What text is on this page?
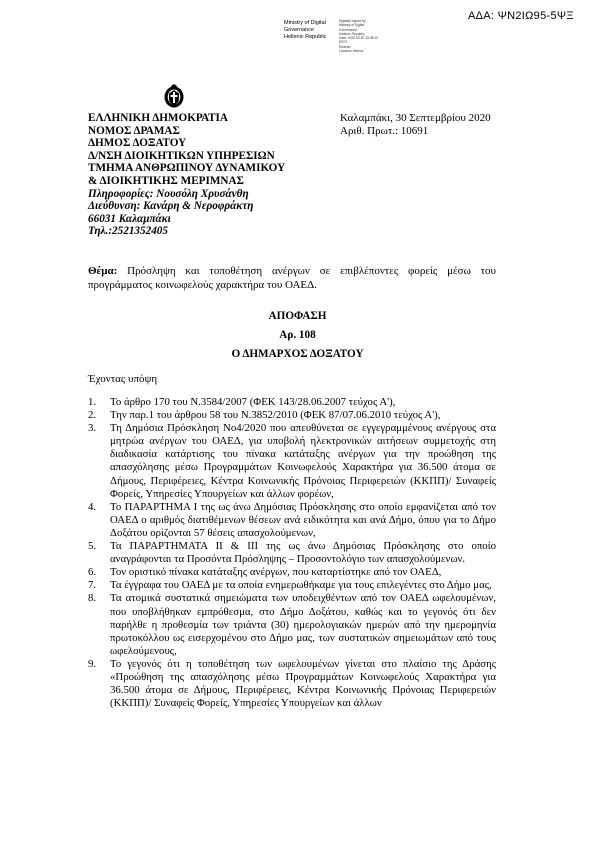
ΑΔΑ: ΨΝ2ΙΩ95-5ΨΞ
Ministry of Digital
Governance
Hellenic Republic
Digitally signed by
Ministry of Digital
Governance,
Hellenic Republic
Date: 2020.09.30 13:38:10
EEST
Reason:
Location: Athens
ΕΛΛΗΝΙΚΗ ΔΗΜΟΚΡΑΤΙΑ
ΝΟΜΟΣ ΔΡΑΜΑΣ
ΔΗΜΟΣ ΔΟΞΑΤΟΥ
Δ/ΝΣΗ ΔΙΟΙΚΗΤΙΚΩΝ ΥΠΗΡΕΣΙΩΝ
ΤΜΗΜΑ ΑΝΘΡΩΠΙΝΟΥ ΔΥΝΑΜΙΚΟΥ
& ΔΙΟΙΚΗΤΙΚΗΣ ΜΕΡΙΜΝΑΣ
Πληροφορίες: Νουσόλη Χρυσάνθη
Διεύθυνση: Κανάρη & Νεροφράκτη
66031 Καλαμπάκι
Τηλ.:2521352405
Καλαμπάκι, 30 Σεπτεμβρίου 2020
Αριθ. Πρωτ.: 10691
Θέμα: Πρόσληψη και τοποθέτηση ανέργων σε επιβλέποντες φορείς μέσω του προγράμματος κοινωφελούς χαρακτήρα του ΟΑΕΔ.
ΑΠΟΦΑΣΗ
Αρ. 108
Ο ΔΗΜΑΡΧΟΣ ΔΟΞΑΤΟΥ
Έχοντας υπόψη
1. Το άρθρο 170 του Ν.3584/2007 (ΦΕΚ 143/28.06.2007 τεύχος Α'),
2. Την παρ.1 του άρθρου 58 του Ν.3852/2010 (ΦΕΚ 87/07.06.2010 τεύχος Α'),
3. Τη Δημόσια Πρόσκληση Νο4/2020 που απευθύνεται σε εγγεγραμμένους ανέργους στα μητρώα ανέργων του ΟΑΕΔ, για υποβολή ηλεκτρονικών αιτήσεων συμμετοχής στη διαδικασία κατάρτισης του πίνακα κατάταξης ανέργων για την προώθηση της απασχόλησης μέσω Προγραμμάτων Κοινωφελούς Χαρακτήρα για 36.500 άτομα σε Δήμους, Περιφέρειες, Κέντρα Κοινωνικής Πρόνοιας Περιφερειών (ΚΚΠΠ)/ Συναφείς Φορείς, Υπηρεσίες Υπουργείων και άλλων φορέων,
4. Το ΠΑΡΑΡΤΗΜΑ Ι της ως άνω Δημόσιας Πρόσκλησης στο οποίο εμφανίζεται από τον ΟΑΕΔ ο αριθμός διατιθέμενων θέσεων ανά ειδικότητα και ανά Δήμο, όπου για το Δήμο Δοξάτου ορίζονται 57 θέσεις απασχολούμενων,
5. Τα ΠΑΡΑΡΤΗΜΑΤΑ ΙΙ & ΙΙΙ της ως άνω Δημόσιας Πρόσκλησης στο οποίο αναγράφονται τα Προσόντα Πρόσληψης – Προσοντολόγιο των απασχολούμενων.
6. Τον οριστικό πίνακα κατάταξης ανέργων, που καταρτίστηκε από τον ΟΑΕΔ,
7. Τα έγγραφα του ΟΑΕΔ με τα οποία ενημερωθήκαμε για τους επιλεγέντες στο Δήμο μας,
8. Τα ατομικά συστατικά σημειώματα των υποδειχθέντων από τον ΟΑΕΔ ωφελουμένων, που υποβλήθηκαν εμπρόθεσμα, στο Δήμο Δοξάτου, καθώς και το γεγονός ότι δεν παρήλθε η προθεσμία των τριάντα (30) ημερολογιακών ημερών από την ημερομηνία πρωτοκόλλου ως εισερχομένου στο Δήμο μας, των συστατικών σημειωμάτων από τους ωφελούμενους,
9. Το γεγονός ότι η τοποθέτηση των ωφελουμένων γίνεται στο πλαίσιο της Δράσης «Προώθηση της απασχόλησης μέσω Προγραμμάτων Κοινωφελούς Χαρακτήρα για 36.500 άτομα σε Δήμους, Περιφέρειες, Κέντρα Κοινωνικής Πρόνοιας Περιφερειών (ΚΚΠΠ)/ Συναφείς Φορείς, Υπηρεσίες Υπουργείων και άλλων
